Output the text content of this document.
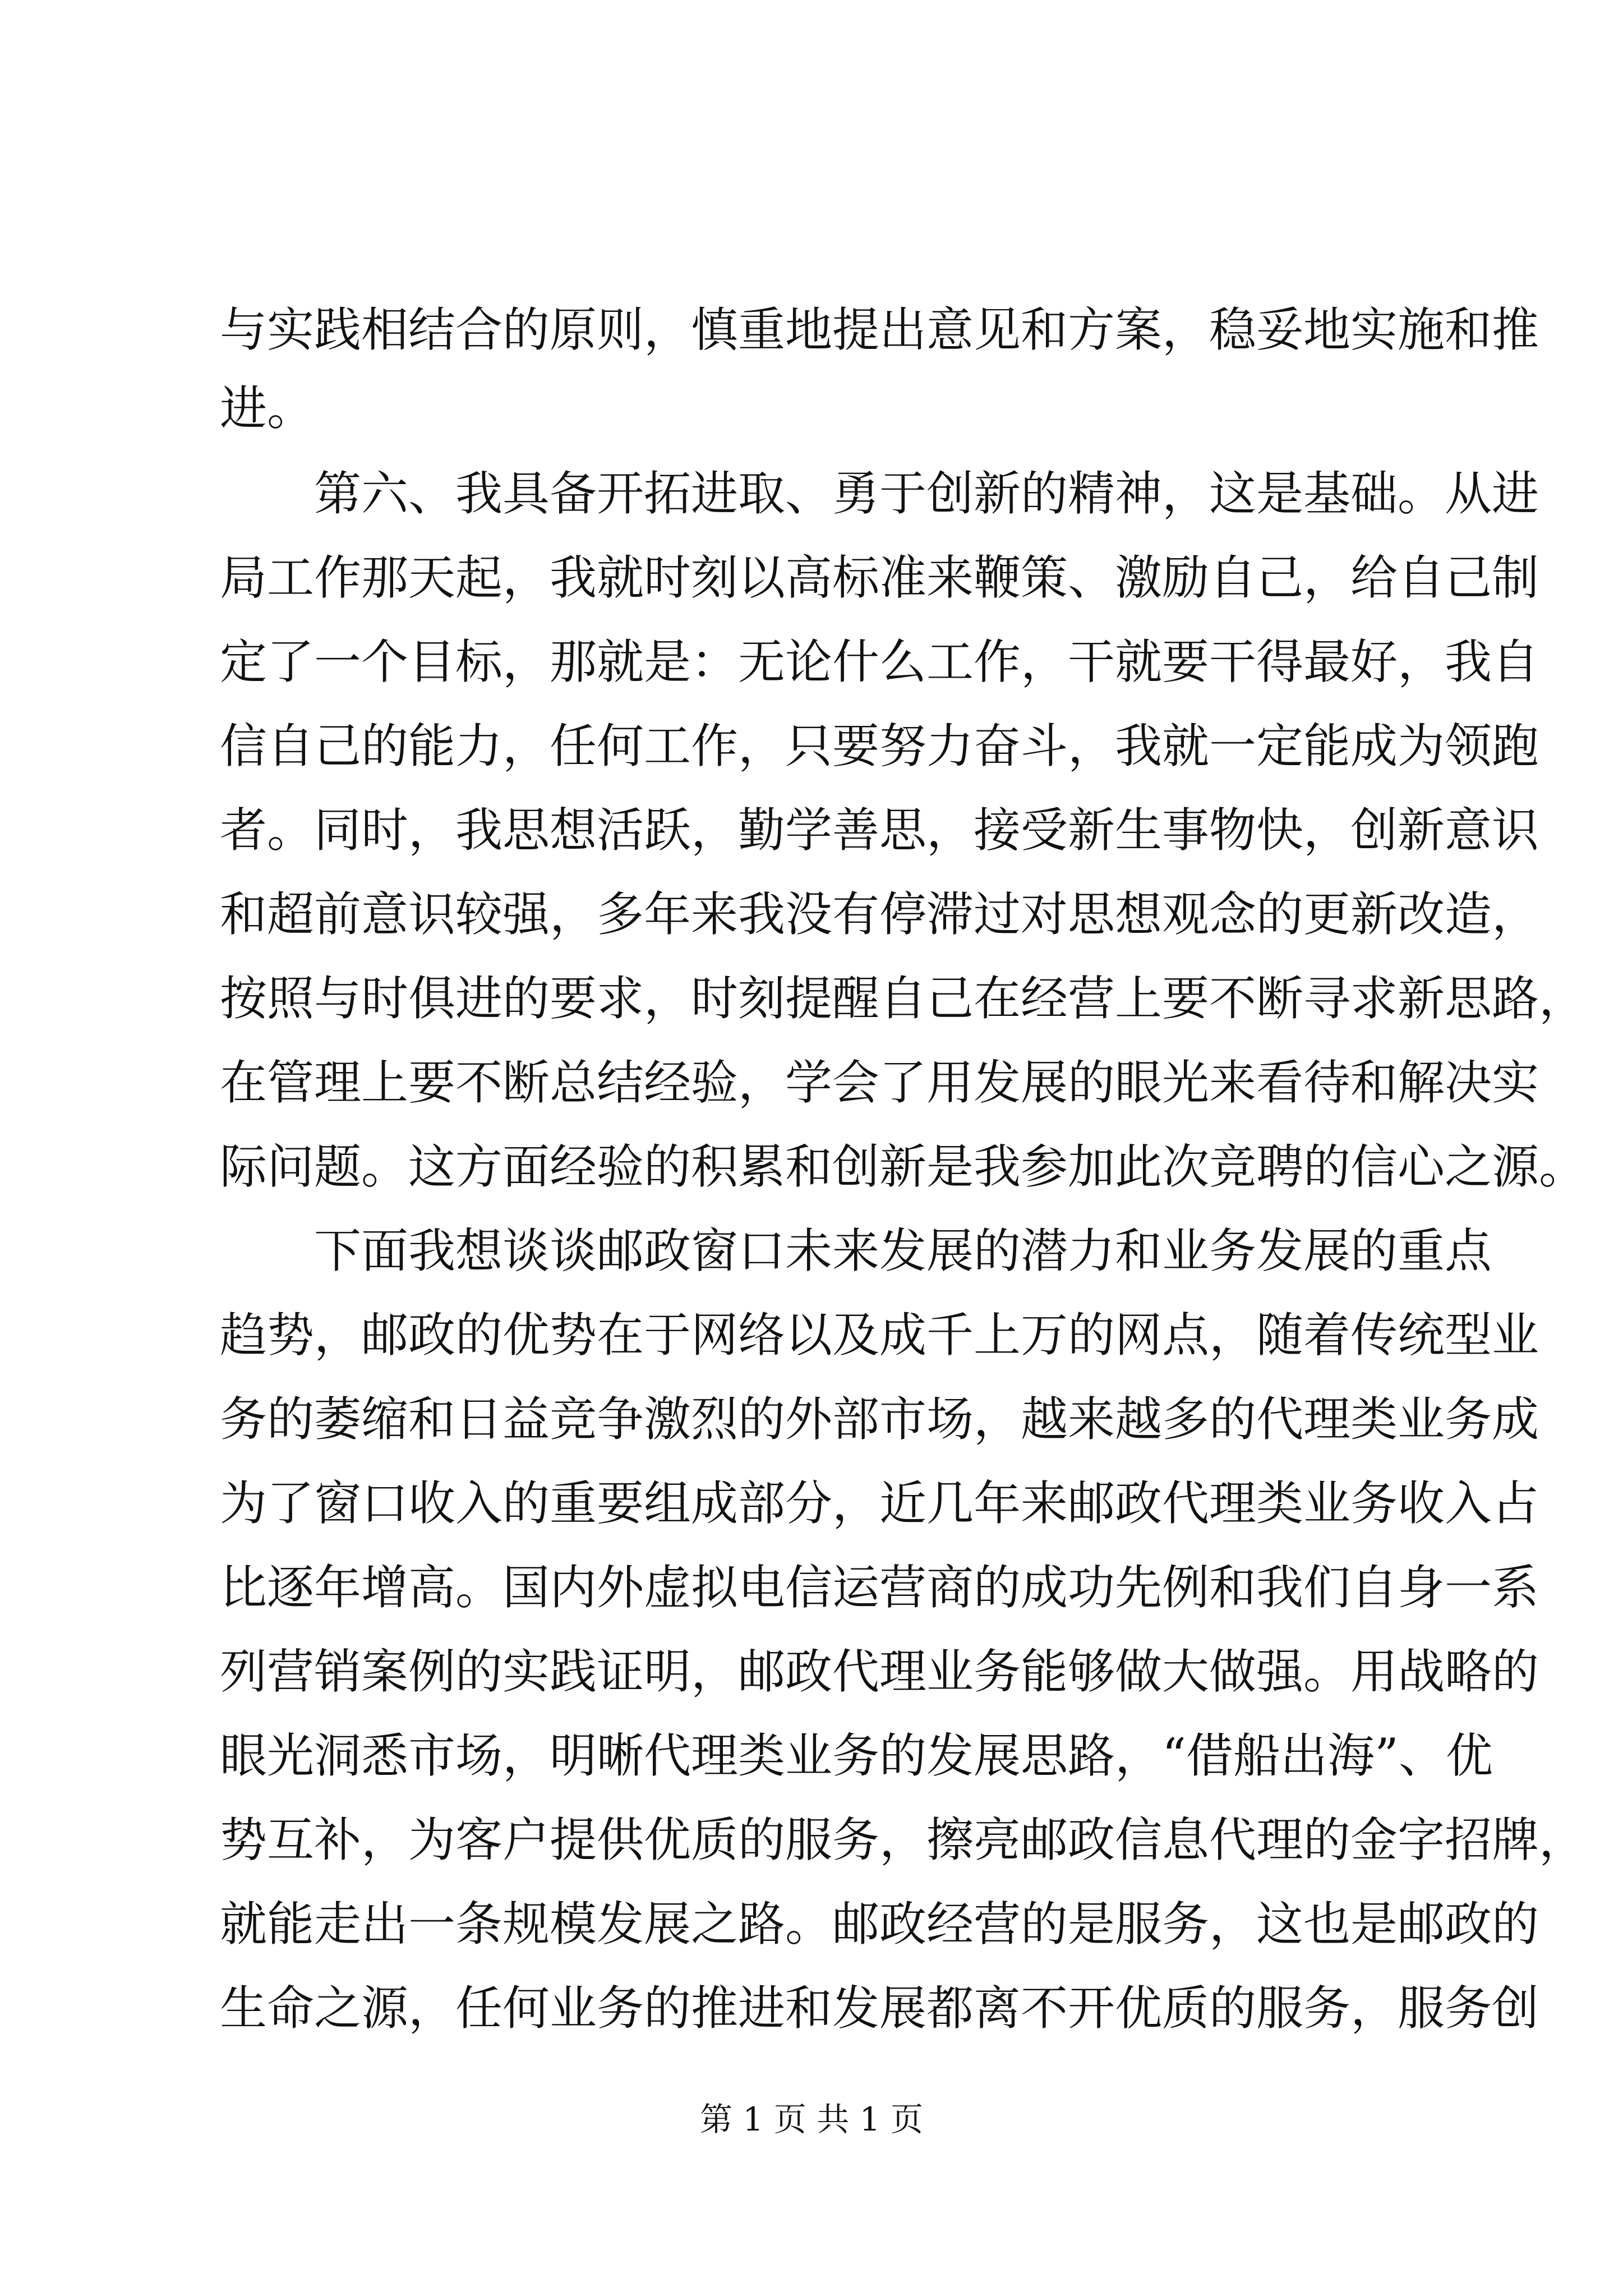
与实践相结合的原则，慎重地提出意见和方案，稳妥地实施和推
进。
第六、我具备开拓进取、勇于创新的精神，这是基础。从进
局工作那天起，我就时刻以高标准来鞭策、激励自己，给自己制
定了一个目标，那就是：无论什么工作，干就要干得最好，我自
信自己的能力，任何工作，只要努力奋斗，我就一定能成为领跑
者。同时，我思想活跃，勤学善思，接受新生事物快，创新意识
和超前意识较强，多年来我没有停滞过对思想观念的更新改造，
按照与时俱进的要求，时刻提醒自己在经营上要不断寻求新思路，
在管理上要不断总结经验，学会了用发展的眼光来看待和解决实
际问题。这方面经验的积累和创新是我参加此次竞聘的信心之源。
下面我想谈谈邮政窗口未来发展的潜力和业务发展的重点
趋势，邮政的优势在于网络以及成千上万的网点，随着传统型业
务的萎缩和日益竞争激烈的外部市场，越来越多的代理类业务成
为了窗口收入的重要组成部分，近几年来邮政代理类业务收入占
比逐年增高。国内外虚拟电信运营商的成功先例和我们自身一系
列营销案例的实践证明，邮政代理业务能够做大做强。用战略的
眼光洞悉市场，明晰代理类业务的发展思路，“借船出海”、优
势互补，为客户提供优质的服务，擦亮邮政信息代理的金字招牌，
就能走出一条规模发展之路。邮政经营的是服务，这也是邮政的
生命之源，任何业务的推进和发展都离不开优质的服务，服务创
第 1 页 共 1 页
